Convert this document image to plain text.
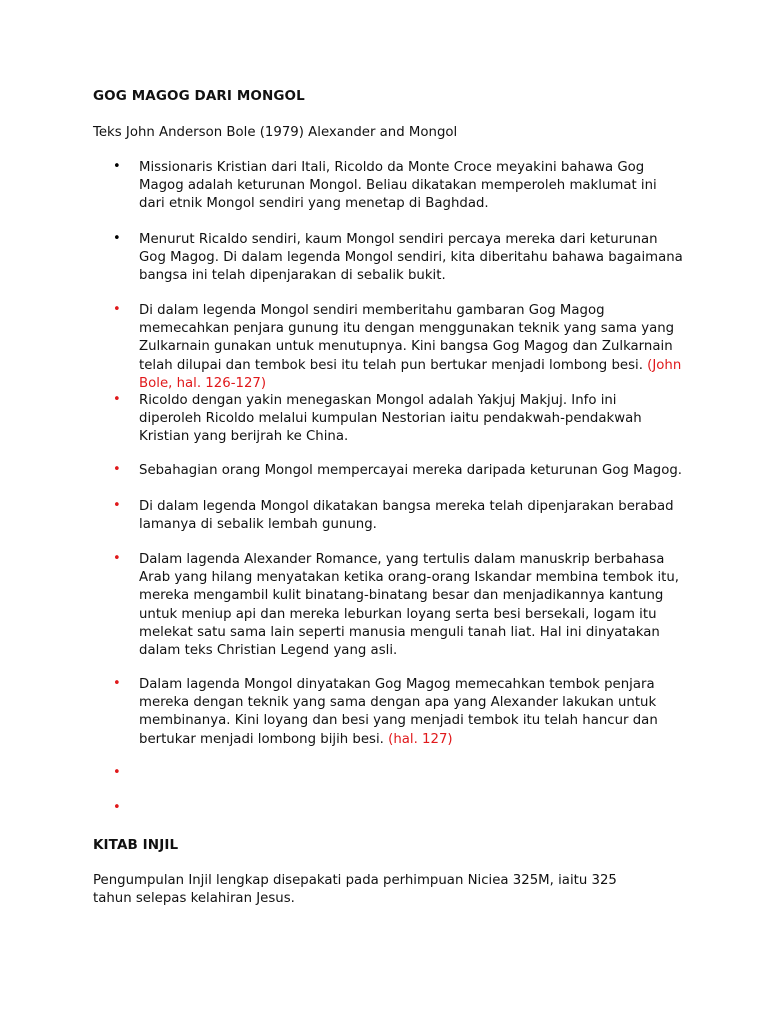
GOG MAGOG DARI MONGOL
Teks John Anderson Bole (1979) Alexander and Mongol
• Missionaris Kristian dari Itali, Ricoldo da Monte Croce meyakini bahawa Gog Magog adalah keturunan Mongol. Beliau dikatakan memperoleh maklumat ini dari etnik Mongol sendiri yang menetap di Baghdad.
• Menurut Ricaldo sendiri, kaum Mongol sendiri percaya mereka dari keturunan Gog Magog. Di dalam legenda Mongol sendiri, kita diberitahu bahawa bagaimana bangsa ini telah dipenjarakan di sebalik bukit.
• Di dalam legenda Mongol sendiri memberitahu gambaran Gog Magog memecahkan penjara gunung itu dengan menggunakan teknik yang sama yang Zulkarnain gunakan untuk menutupnya. Kini bangsa Gog Magog dan Zulkarnain telah dilupai dan tembok besi itu telah pun bertukar menjadi lombong besi. (John Bole, hal. 126-127)
• Ricoldo dengan yakin menegaskan Mongol adalah Yakjuj Makjuj. Info ini diperoleh Ricoldo melalui kumpulan Nestorian iaitu pendakwah-pendakwah Kristian yang berijrah ke China.
• Sebahagian orang Mongol mempercayai mereka daripada keturunan Gog Magog.
• Di dalam legenda Mongol dikatakan bangsa mereka telah dipenjarakan berabad lamanya di sebalik lembah gunung.
• Dalam lagenda Alexander Romance, yang tertulis dalam manuskrip berbahasa Arab yang hilang menyatakan ketika orang-orang Iskandar membina tembok itu, mereka mengambil kulit binatang-binatang besar dan menjadikannya kantung untuk meniup api dan mereka leburkan loyang serta besi bersekali, logam itu melekat satu sama lain seperti manusia menguli tanah liat. Hal ini dinyatakan dalam teks Christian Legend yang asli.
• Dalam lagenda Mongol dinyatakan Gog Magog memecahkan tembok penjara mereka dengan teknik yang sama dengan apa yang Alexander lakukan untuk membinanya. Kini loyang dan besi yang menjadi tembok itu telah hancur dan bertukar menjadi lombong bijih besi. (hal. 127)
•
•
KITAB INJIL
Pengumpulan Injil lengkap disepakati pada perhimpuan Niciea 325M, iaitu 325 tahun selepas kelahiran Jesus.
